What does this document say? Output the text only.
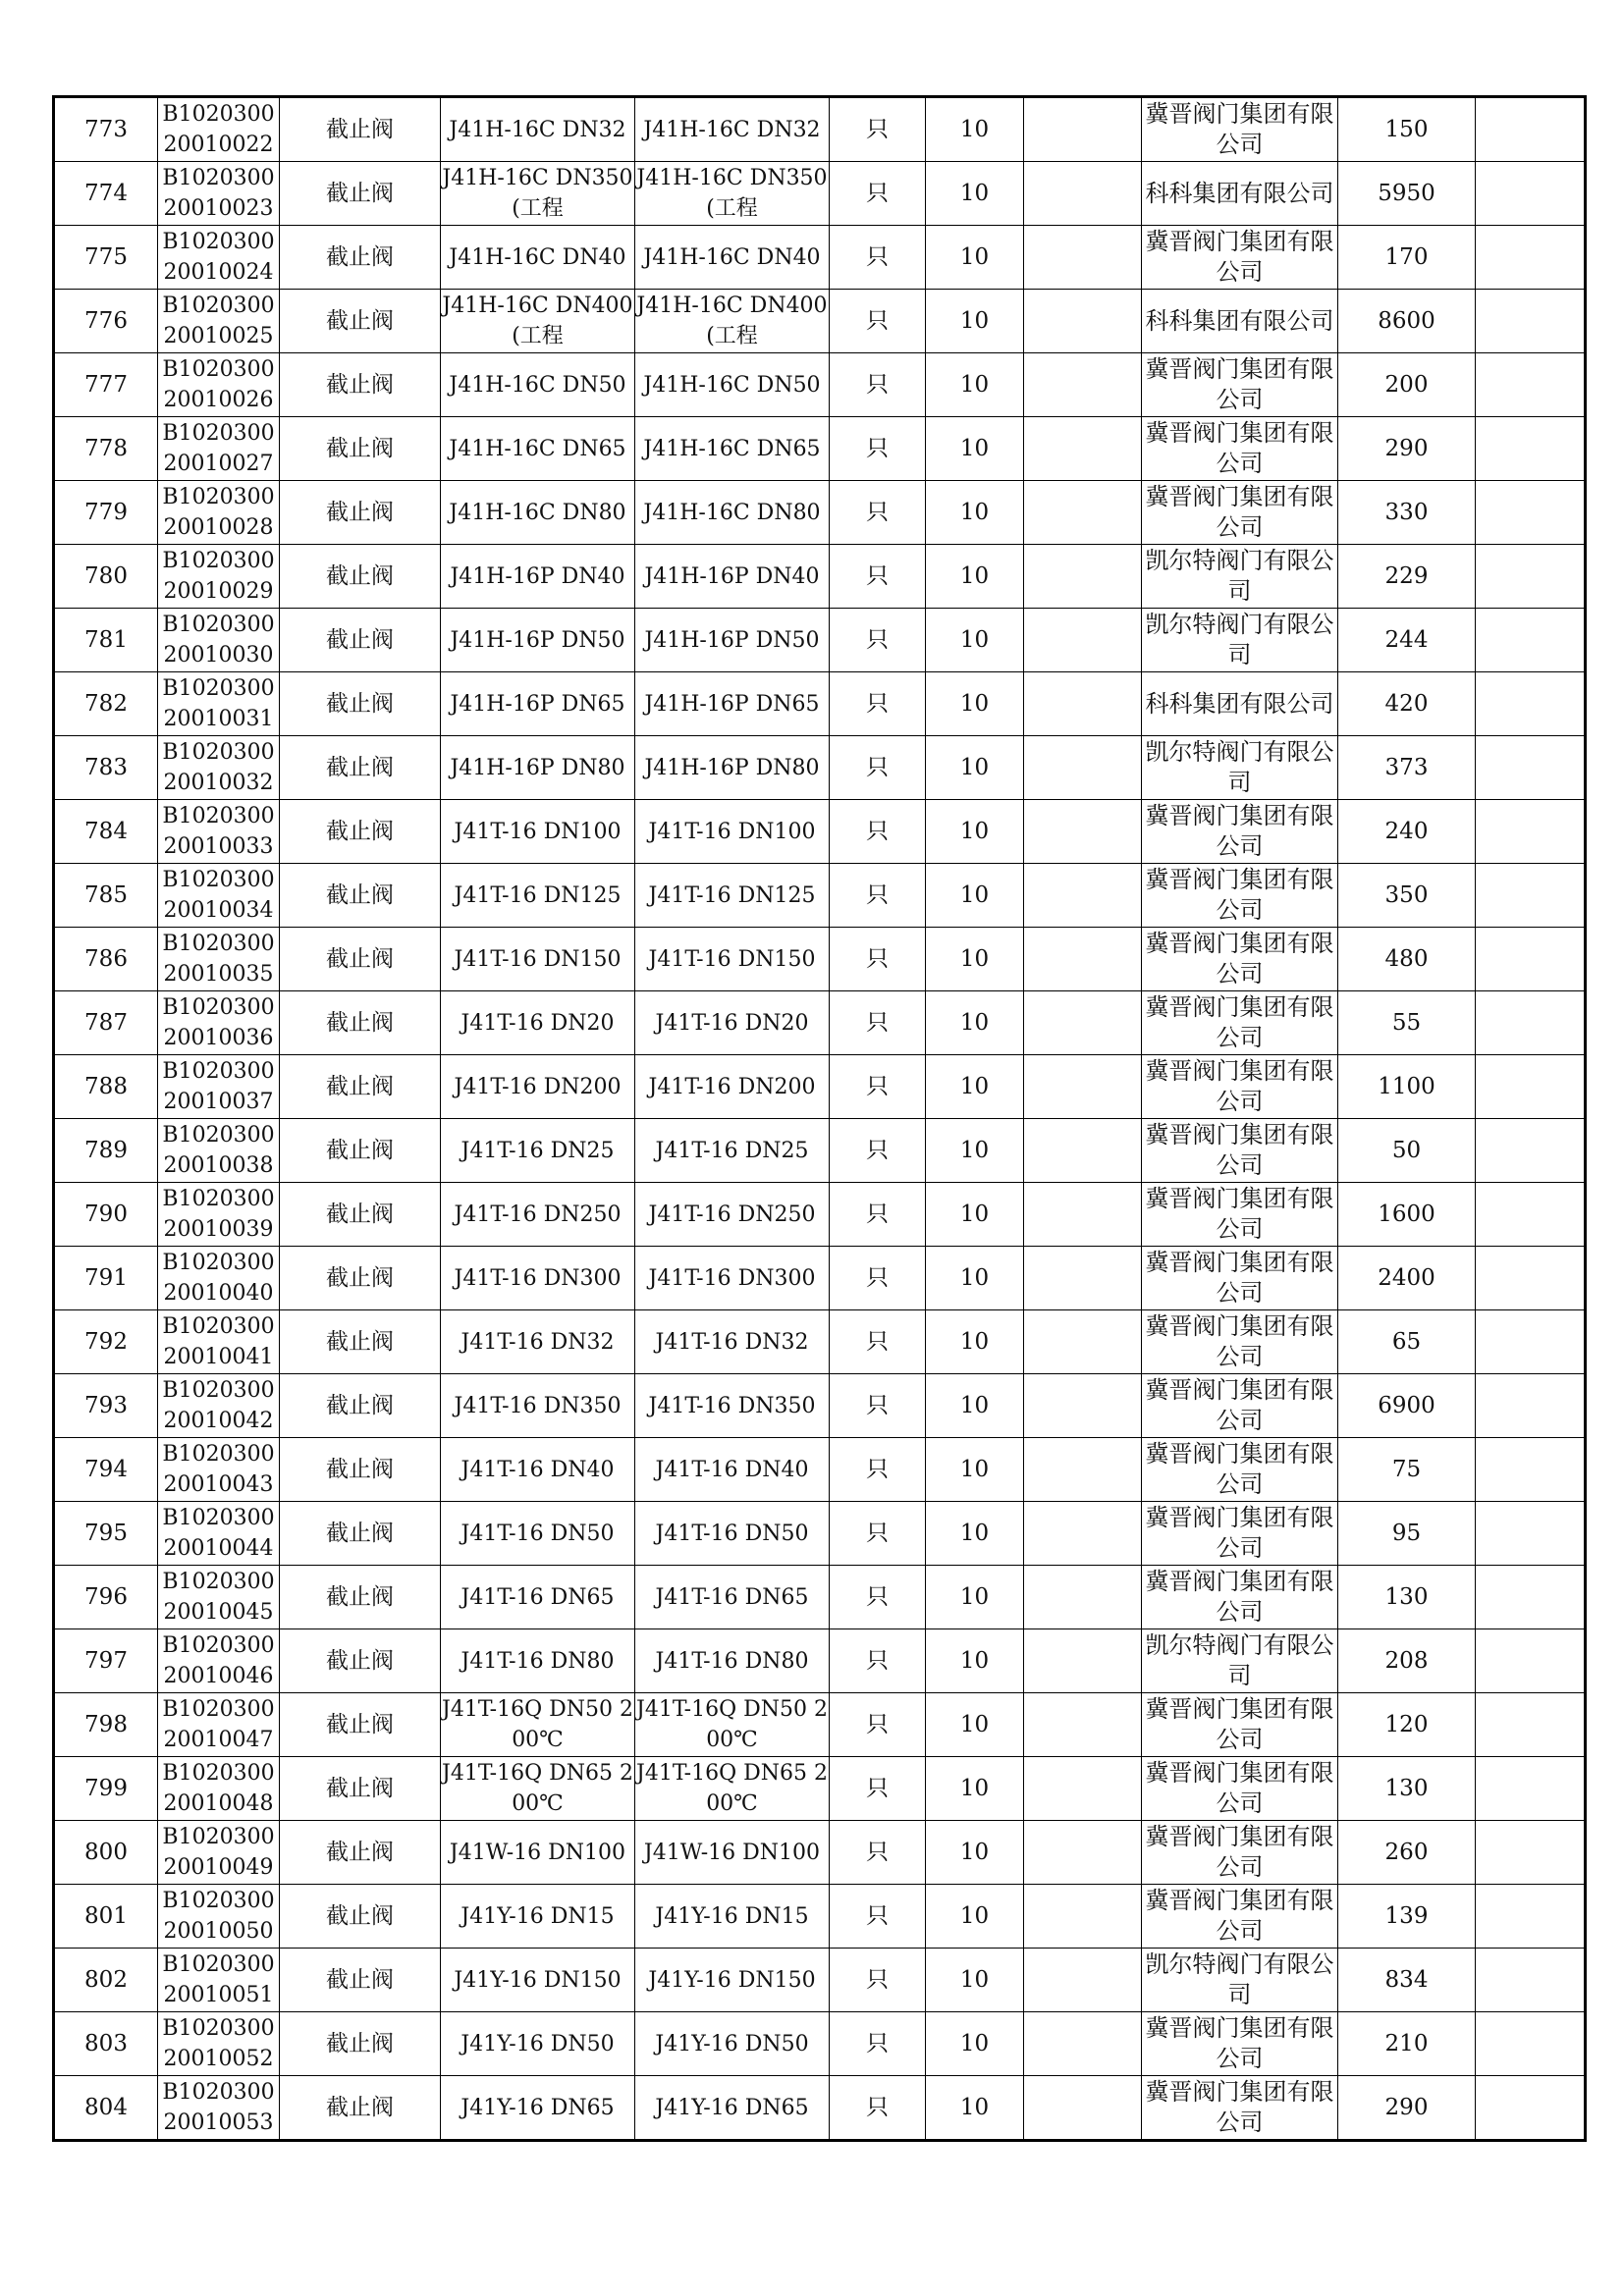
773	B1020300 20010022	截止阀	J41H-16C DN32	J41H-16C DN32	只	10		冀晋阀门集团有限公司	150	

774	B1020300 20010023	截止阀	J41H-16C DN350(工程	J41H-16C DN350(工程	只	10		科科集团有限公司	5950	

775	B1020300 20010024	截止阀	J41H-16C DN40	J41H-16C DN40	只	10		冀晋阀门集团有限公司	170	

776	B1020300 20010025	截止阀	J41H-16C DN400(工程	J41H-16C DN400(工程	只	10		科科集团有限公司	8600	

777	B1020300 20010026	截止阀	J41H-16C DN50	J41H-16C DN50	只	10		冀晋阀门集团有限公司	200	

778	B1020300 20010027	截止阀	J41H-16C DN65	J41H-16C DN65	只	10		冀晋阀门集团有限公司	290	

779	B1020300 20010028	截止阀	J41H-16C DN80	J41H-16C DN80	只	10		冀晋阀门集团有限公司	330	

780	B1020300 20010029	截止阀	J41H-16P DN40	J41H-16P DN40	只	10		凯尔特阀门有限公司	229	

781	B1020300 20010030	截止阀	J41H-16P DN50	J41H-16P DN50	只	10		凯尔特阀门有限公司	244	

782	B1020300 20010031	截止阀	J41H-16P DN65	J41H-16P DN65	只	10		科科集团有限公司	420	

783	B1020300 20010032	截止阀	J41H-16P DN80	J41H-16P DN80	只	10		凯尔特阀门有限公司	373	

784	B1020300 20010033	截止阀	J41T-16 DN100	J41T-16 DN100	只	10		冀晋阀门集团有限公司	240	

785	B1020300 20010034	截止阀	J41T-16 DN125	J41T-16 DN125	只	10		冀晋阀门集团有限公司	350	

786	B1020300 20010035	截止阀	J41T-16 DN150	J41T-16 DN150	只	10		冀晋阀门集团有限公司	480	

787	B1020300 20010036	截止阀	J41T-16 DN20	J41T-16 DN20	只	10		冀晋阀门集团有限公司	55	

788	B1020300 20010037	截止阀	J41T-16 DN200	J41T-16 DN200	只	10		冀晋阀门集团有限公司	1100	

789	B1020300 20010038	截止阀	J41T-16 DN25	J41T-16 DN25	只	10		冀晋阀门集团有限公司	50	

790	B1020300 20010039	截止阀	J41T-16 DN250	J41T-16 DN250	只	10		冀晋阀门集团有限公司	1600	

791	B1020300 20010040	截止阀	J41T-16 DN300	J41T-16 DN300	只	10		冀晋阀门集团有限公司	2400	

792	B1020300 20010041	截止阀	J41T-16 DN32	J41T-16 DN32	只	10		冀晋阀门集团有限公司	65	

793	B1020300 20010042	截止阀	J41T-16 DN350	J41T-16 DN350	只	10		冀晋阀门集团有限公司	6900	

794	B1020300 20010043	截止阀	J41T-16 DN40	J41T-16 DN40	只	10		冀晋阀门集团有限公司	75	

795	B1020300 20010044	截止阀	J41T-16 DN50	J41T-16 DN50	只	10		冀晋阀门集团有限公司	95	

796	B1020300 20010045	截止阀	J41T-16 DN65	J41T-16 DN65	只	10		冀晋阀门集团有限公司	130	

797	B1020300 20010046	截止阀	J41T-16 DN80	J41T-16 DN80	只	10		凯尔特阀门有限公司	208	

798	B1020300 20010047	截止阀	J41T-16Q DN50 200℃	J41T-16Q DN50 200℃	只	10		冀晋阀门集团有限公司	120	

799	B1020300 20010048	截止阀	J41T-16Q DN65 200℃	J41T-16Q DN65 200℃	只	10		冀晋阀门集团有限公司	130	

800	B1020300 20010049	截止阀	J41W-16 DN100	J41W-16 DN100	只	10		冀晋阀门集团有限公司	260	

801	B1020300 20010050	截止阀	J41Y-16 DN15	J41Y-16 DN15	只	10		冀晋阀门集团有限公司	139	

802	B1020300 20010051	截止阀	J41Y-16 DN150	J41Y-16 DN150	只	10		凯尔特阀门有限公司	834	

803	B1020300 20010052	截止阀	J41Y-16 DN50	J41Y-16 DN50	只	10		冀晋阀门集团有限公司	210	

804	B1020300 20010053	截止阀	J41Y-16 DN65	J41Y-16 DN65	只	10		冀晋阀门集团有限公司	290	
